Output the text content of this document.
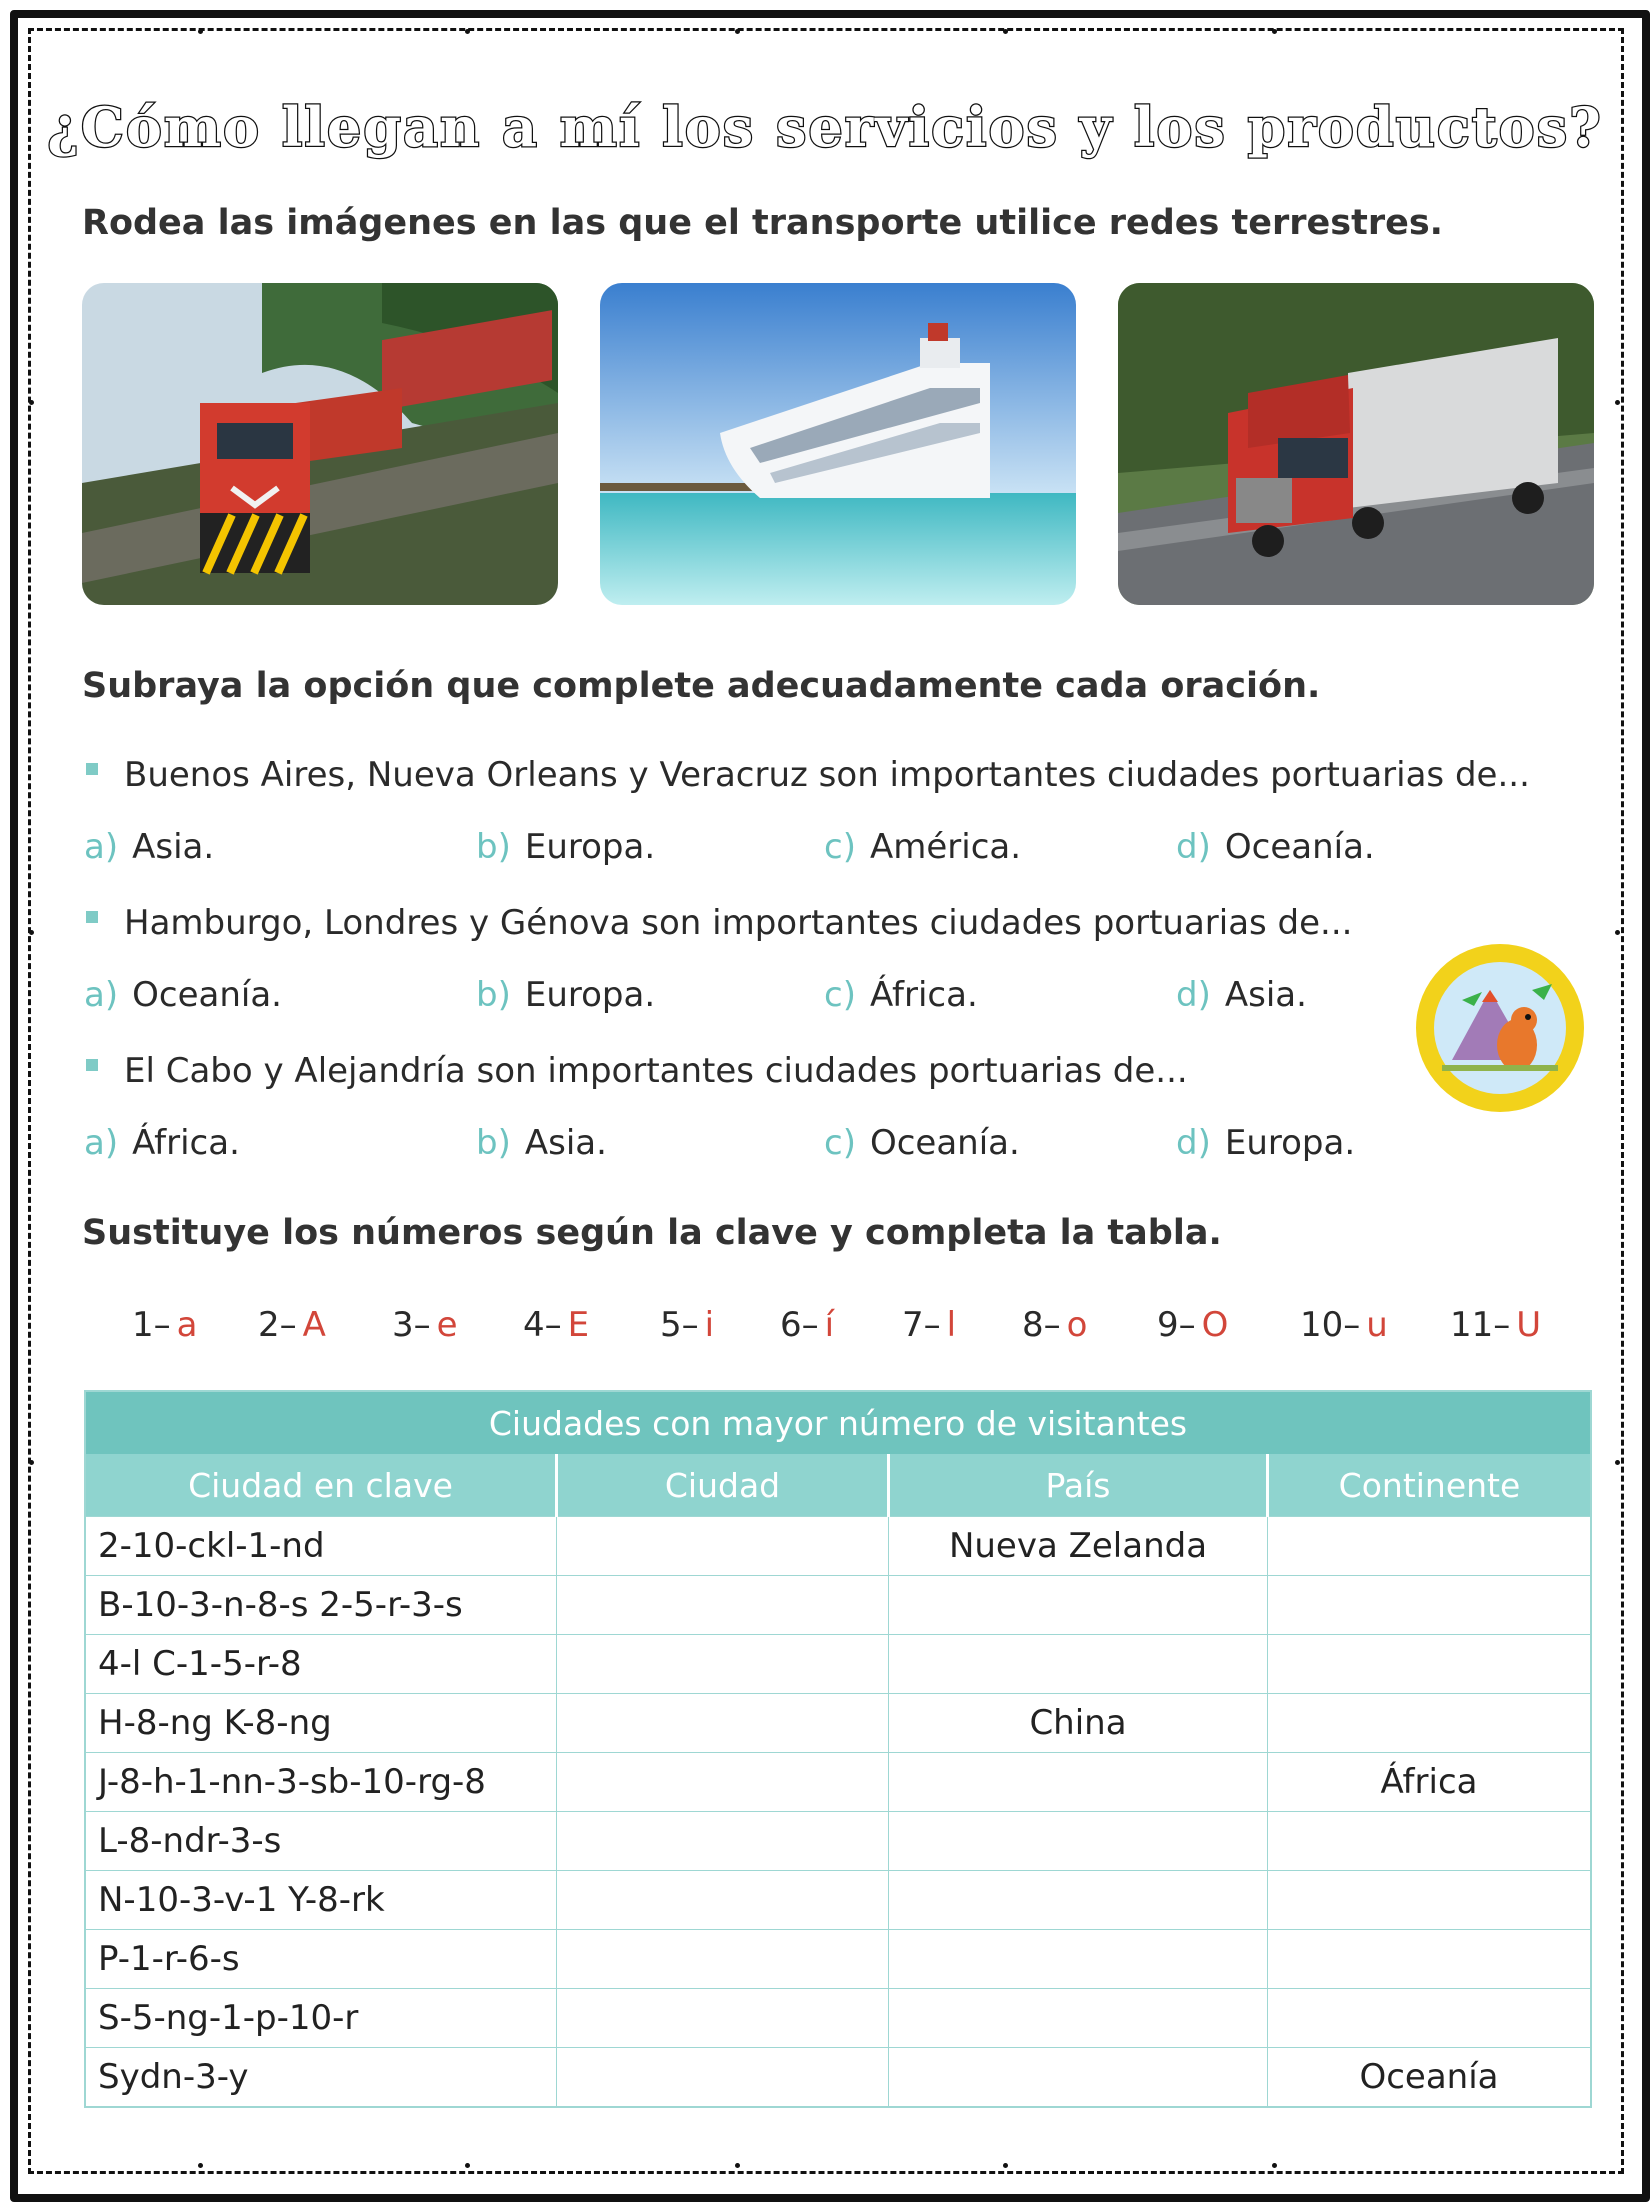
¿Cómo llegan a mí los servicios y los productos?
Rodea las imágenes en las que el transporte utilice redes terrestres.
Subraya la opción que complete adecuadamente cada oración.
Buenos Aires, Nueva Orleans y Veracruz son importantes ciudades portuarias de...
a) Asia.	b) Europa.	c) América.	d) Oceanía.
Hamburgo, Londres y Génova son importantes ciudades portuarias de...
a) Oceanía.	b) Europa.	c) África.	d) Asia.
El Cabo y Alejandría son importantes ciudades portuarias de...
a) África.	b) Asia.	c) Oceanía.	d) Europa.
Sustituye los números según la clave y completa la tabla.
1– a 2– A 3– e 4– E 5– i 6– í 7– l 8– o 9– O 10– u 11– U
Ciudades con mayor número de visitantes			
Ciudad en clave	Ciudad	País	Continente
2-10-ckl-1-nd		Nueva Zelanda	
B-10-3-n-8-s 2-5-r-3-s			
4-l C-1-5-r-8			
H-8-ng K-8-ng		China	
J-8-h-1-nn-3-sb-10-rg-8			África
L-8-ndr-3-s			
N-10-3-v-1 Y-8-rk			
P-1-r-6-s			
S-5-ng-1-p-10-r			
Sydn-3-y			Oceanía
